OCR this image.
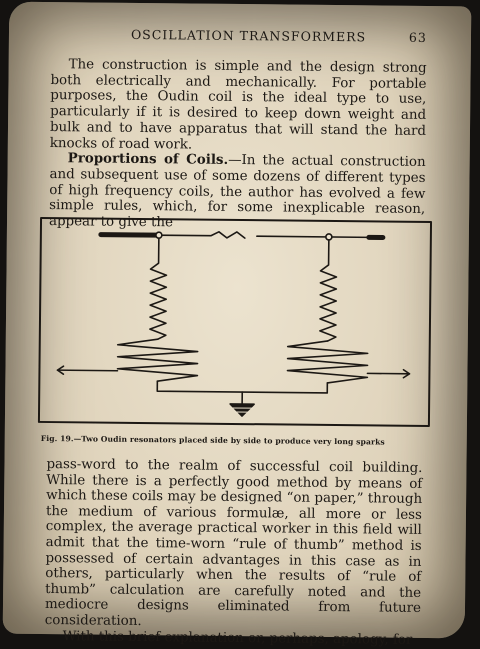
OSCILLATION TRANSFORMERS	63

The construction is simple and the design strong both electrically and mechanically. For portable purposes, the Oudin coil is the ideal type to use, particularly if it is desired to keep down weight and bulk and to have apparatus that will stand the hard knocks of road work.

Proportions of Coils.—In the actual construction and subsequent use of some dozens of different types of high frequency coils, the author has evolved a few simple rules, which, for some inexplicable reason, appear to give the

Fig. 19.—Two Oudin resonators placed side by side to produce very long sparks

pass-word to the realm of successful coil building. While there is a perfectly good method by means of which these coils may be designed “on paper,” through the medium of various formulæ, all more or less complex, the average practical worker in this field will admit that the time-worn “rule of thumb” method is possessed of certain advantages in this case as in others, particularly when the results of “rule of thumb” calculation are carefully noted and the mediocre designs eliminated from future consideration.

With this brief explanation or, perhaps, apology, for
